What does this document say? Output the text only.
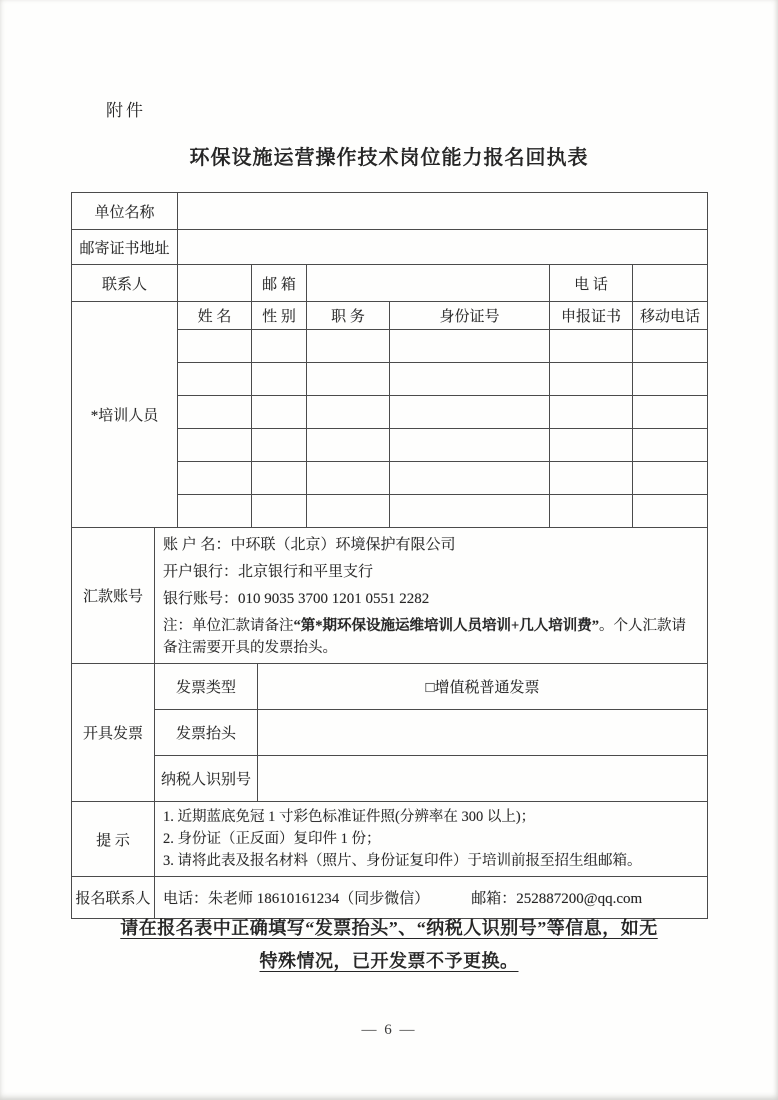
附件
环保设施运营操作技术岗位能力报名回执表
单位名称					
邮寄证书地址					
联系人		邮 箱		电 话	
*培训人员	姓 名	性 别	职 务	身份证号	申报证书	移动电话

汇款账号	
账 户 名：中环联（北京）环境保护有限公司
开户银行：北京银行和平里支行
银行账号：010 9035 3700 1201 0551 2282
注：单位汇款请备注“第*期环保设施运维培训人员培训+几人培训费”。个人汇款请备注需要开具的发票抬头。
开具发票	发票类型	□增值税普通发票
	发票抬头	
	纳税人识别号	
提 示	
1. 近期蓝底免冠 1 寸彩色标准证件照(分辨率在 300 以上)；
2. 身份证（正反面）复印件 1 份；
3. 请将此表及报名材料（照片、身份证复印件）于培训前报至招生组邮箱。
报名联系人	电话：朱老师 18610161234（同步微信）	邮箱：252887200@qq.com
请在报名表中正确填写“发票抬头”、“纳税人识别号”等信息，如无
特殊情况，已开发票不予更换。
— 6 —
